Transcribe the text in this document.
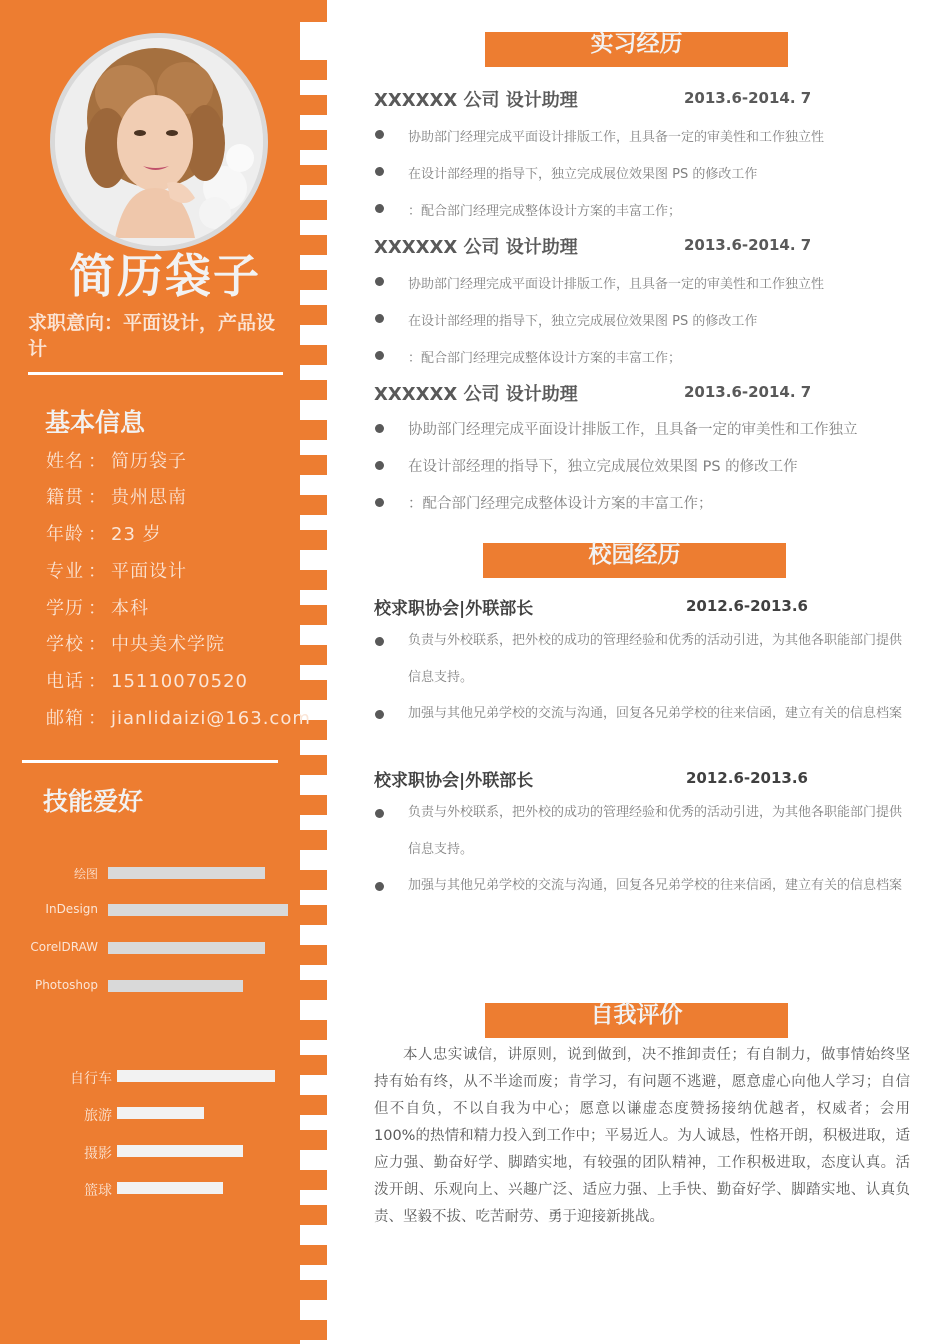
简历袋子
求职意向：平面设计，产品设计
基本信息
姓名 ： 简历袋子
籍贯 ： 贵州思南
年龄 ： 23 岁
专业 ： 平面设计
学历 ： 本科
学校 ： 中央美术学院
电话 ： 15110070520
邮箱 ： jianlidaizi@163.com
技能爱好
绘图
InDesign
CorelDRAW
Photoshop
自行车
旅游
摄影
篮球
实习经历
XXXXXX 公司 设计助理	2013.6-2014. 7
协助部门经理完成平面设计排版工作，且具备一定的审美性和工作独立性
在设计部经理的指导下，独立完成展位效果图 PS 的修改工作
：配合部门经理完成整体设计方案的丰富工作；
XXXXXX 公司 设计助理	2013.6-2014. 7
协助部门经理完成平面设计排版工作，且具备一定的审美性和工作独立性
在设计部经理的指导下，独立完成展位效果图 PS 的修改工作
：配合部门经理完成整体设计方案的丰富工作；
XXXXXX 公司 设计助理	2013.6-2014. 7
协助部门经理完成平面设计排版工作，且具备一定的审美性和工作独立
在设计部经理的指导下，独立完成展位效果图 PS 的修改工作
：配合部门经理完成整体设计方案的丰富工作；
校园经历
校求职协会|外联部长	2012.6-2013.6
负责与外校联系，把外校的成功的管理经验和优秀的活动引进，为其他各职能部门提供信息支持。
加强与其他兄弟学校的交流与沟通，回复各兄弟学校的往来信函，建立有关的信息档案
校求职协会|外联部长	2012.6-2013.6
负责与外校联系，把外校的成功的管理经验和优秀的活动引进，为其他各职能部门提供信息支持。
加强与其他兄弟学校的交流与沟通，回复各兄弟学校的往来信函，建立有关的信息档案
自我评价
本人忠实诚信，讲原则，说到做到，决不推卸责任；有自制力，做事情始终坚持有始有终，从不半途而废；肯学习，有问题不逃避，愿意虚心向他人学习；自信但不自负，不以自我为中心；愿意以谦虚态度赞扬接纳优越者，权威者；会用 100%的热情和精力投入到工作中；平易近人。为人诚恳，性格开朗，积极进取，适应力强、勤奋好学、脚踏实地，有较强的团队精神，工作积极进取，态度认真。活泼开朗、乐观向上、兴趣广泛、适应力强、上手快、勤奋好学、脚踏实地、认真负责、坚毅不拔、吃苦耐劳、勇于迎接新挑战。
